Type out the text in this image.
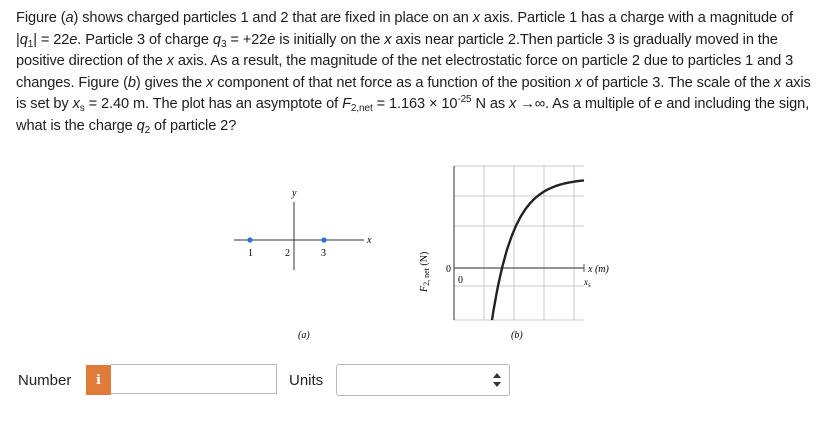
Figure (a) shows charged particles 1 and 2 that are fixed in place on an x axis. Particle 1 has a charge with a magnitude of $|q_1| = 22e$. Particle 3 of charge $q_3 = +22e$ is initially on the x axis near particle 2.Then particle 3 is gradually moved in the positive direction of the x axis. As a result, the magnitude of the net electrostatic force on particle 2 due to particles 1 and 3 changes. Figure (b) gives the x component of that net force as a function of the position x of particle 3. The scale of the x axis is set by $x_s = 2.40$ m. The plot has an asymptote of $F_{2,net} = 1.163 \times 10^{-25}$ N as x →∞. As a multiple of e and including the sign, what is the charge $q_2$ of particle 2?
y
x
1	2	3
(a)
$F_{2, net}$ (N)
0
0
x (m)
$x_s$
(b)
Number	i	Units
